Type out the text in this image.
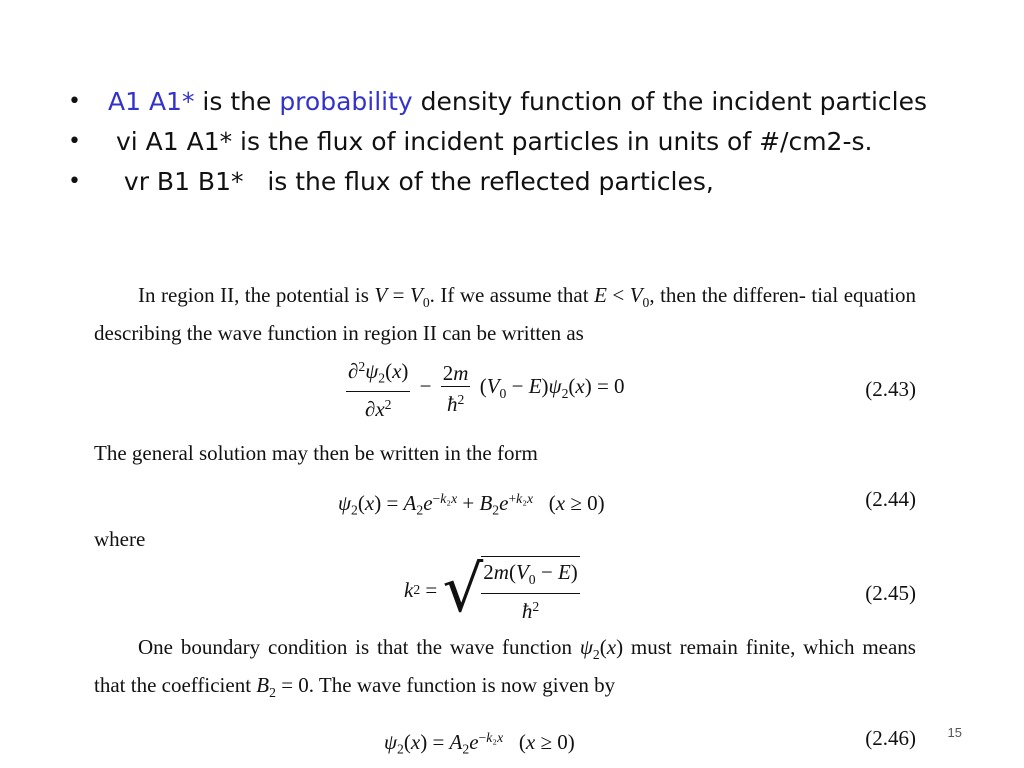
•	A1 A1* is the probability density function of the incident particles
•	vi A1 A1* is the flux of incident particles in units of #/cm2-s.
•	vr B1 B1*   is the flux of the reflected particles,

In region II, the potential is $V = V_0$. If we assume that $E < V_0$, then the differen- tial equation describing the wave function in region II can be written as

$\frac{\partial^2\psi_2(x)}{\partial x^2} - \frac{2m}{ħ^2} (V_0 - E)\psi_2(x) = 0$	(2.43)

The general solution may then be written in the form

$\psi_2(x) = A_2e^{-k_2x} + B_2e^{+k_2x}$   (x ≥ 0)	(2.44)

where

k2 = √
$\frac{2m(V_0 - E)}{ħ^2}$	(2.45)

One boundary condition is that the wave function $\psi_2(x)$ must remain finite, which means that the coefficient $B_2 = 0$. The wave function is now given by

$\psi_2(x) = A_2e^{-k_2x}$   (x ≥ 0)	(2.46) 15
